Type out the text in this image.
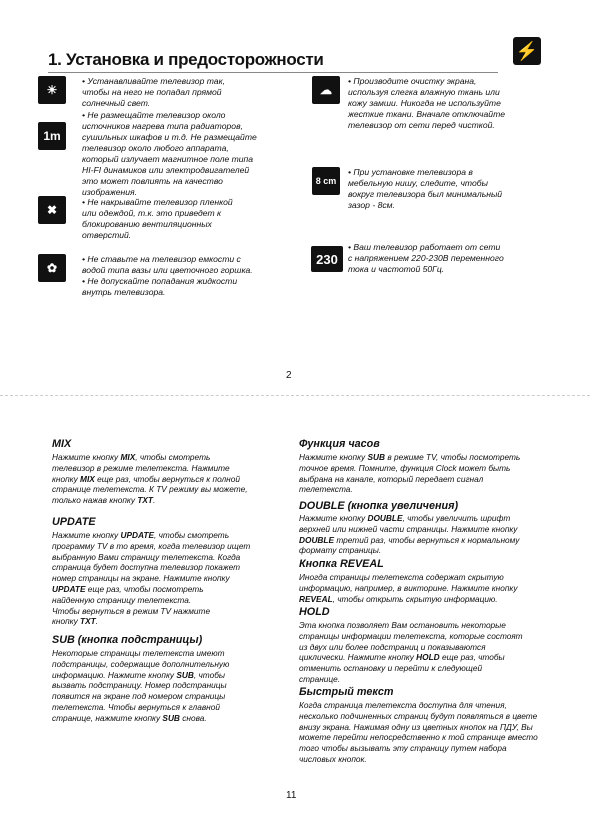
1. Установка и предосторожности	⚡
☀
• Устанавливайте телевизор так,
чтобы на него не попадал прямой
солнечный свет.
1m
• Не размещайте телевизор около
источников нагрева типа радиаторов,
сушильных шкафов и т.д. Не размещайте
телевизор около любого аппарата,
который излучает магнитное поле типа
HI-FI динамиков или электродвигателей
это может повлиять на качество
изображения.
✖
• Не накрывайте телевизор пленкой
или одеждой, т.к. это приведет к
блокированию вентиляционных
отверстий.
✿
• Не ставьте на телевизор емкости с
водой типа вазы или цветочного горшка.
• Не допускайте попадания жидкости
внутрь телевизора.
☁
• Производите очистку экрана,
используя слегка влажную ткань или
кожу замши. Никогда не используйте
жесткие ткани. Вначале отключайте
телевизор от сети перед чисткой.
8 cm
• При установке телевизора в
мебельную нишу, следите, чтобы
вокруг телевизора был минимальный
зазор - 8см.
230
• Ваш телевизор работает от сети
с напряжением 220-230В переменного
тока и частотой 50Гц.
2
MIX
Нажмите кнопку MIX, чтобы смотреть
телевизор в режиме телетекста. Нажмите
кнопку MIX еще раз, чтобы вернуться к полной
странице телетекста. К TV режиму вы можете,
только нажав кнопку TXT.
UPDATE
Нажмите кнопку UPDATE, чтобы смотреть
программу TV в то время, когда телевизор ищет
выбранную Вами страницу телетекста. Когда
страница будет доступна телевизор покажет
номер страницы на экране. Нажмите кнопку
UPDATE еще раз, чтобы посмотреть
найденную страницу телетекста.
Чтобы вернуться в режим TV нажмите
кнопку TXT.
SUB (кнопка подстраницы)
Некоторые страницы телетекста имеют
подстраницы, содержащие дополнительную
информацию. Нажмите кнопку SUB, чтобы
вызвать подстраницу. Номер подстраницы
появится на экране под номером страницы
телетекста. Чтобы вернуться к главной
странице, нажмите кнопку SUB снова.
Функция часов
Нажмите кнопку SUB в режиме TV, чтобы посмотреть
точное время. Помните, функция Clock может быть
выбрана на канале, который передает сигнал
телетекста.
DOUBLE (кнопка увеличения)
Нажмите кнопку DOUBLE, чтобы увеличить шрифт
верхней или нижней части страницы. Нажмите кнопку
DOUBLE третий раз, чтобы вернуться к нормальному
формату страницы.
Кнопка REVEAL
Иногда страницы телетекста содержат скрытую
информацию, например, в викторине. Нажмите кнопку
REVEAL, чтобы открыть скрытую информацию.
HOLD
Эта кнопка позволяет Вам остановить некоторые
страницы информации телетекста, которые состоят
из двух или более подстраниц и показываются
циклически. Нажмите кнопку HOLD еще раз, чтобы
отменить остановку и перейти к следующей
странице.
Быстрый текст
Когда страница телетекста доступна для чтения,
несколько подчиненных страниц будут появляться в цвете
внизу экрана. Нажимая одну из цветных кнопок на ПДУ, Вы
можете перейти непосредственно к той странице вместо
того чтобы вызывать эту страницу путем набора
числовых кнопок.
11
